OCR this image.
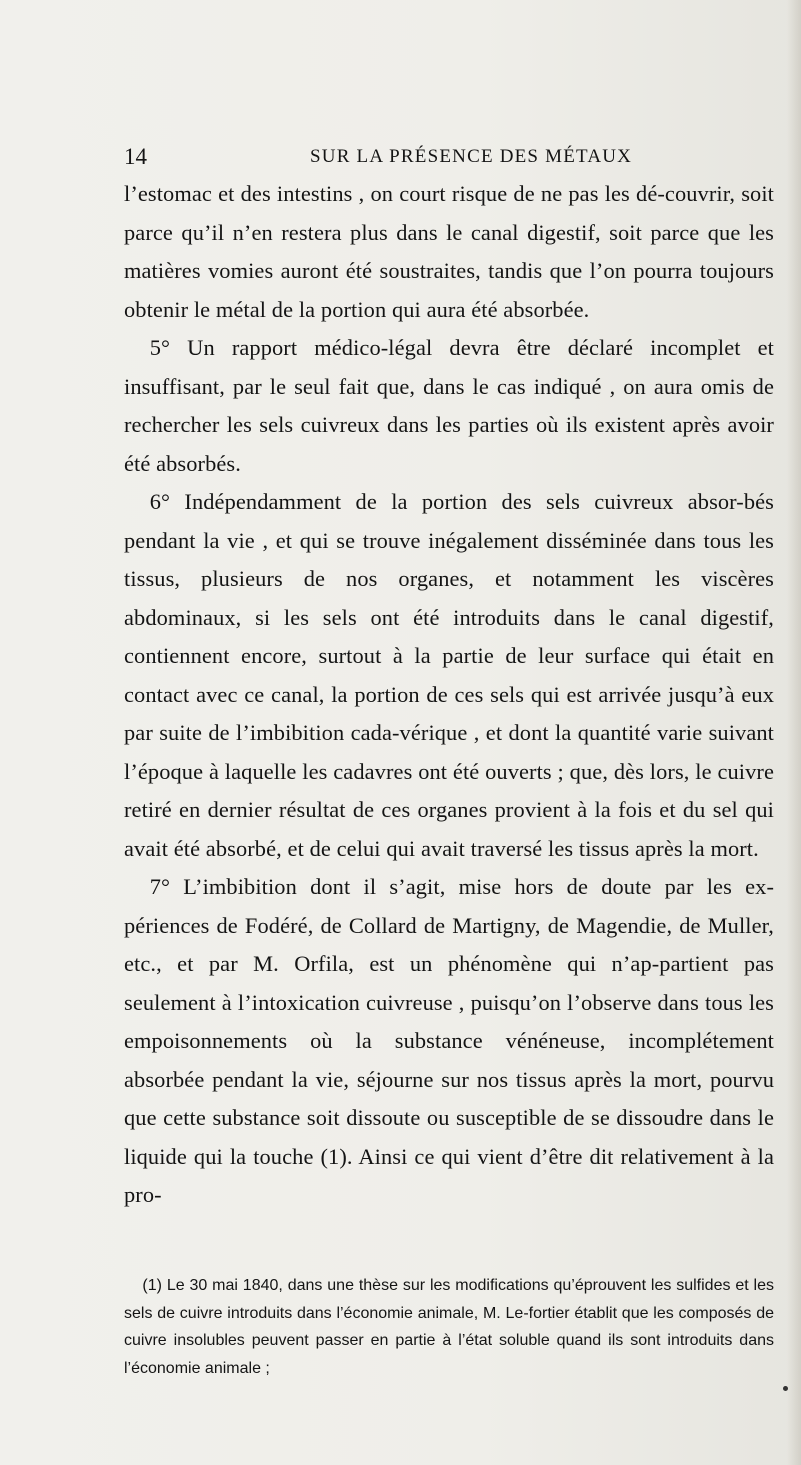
14	SUR LA PRÉSENCE DES MÉTAUX

l’estomac et des intestins , on court risque de ne pas les dé-couvrir, soit parce qu’il n’en restera plus dans le canal digestif, soit parce que les matières vomies auront été soustraites, tandis que l’on pourra toujours obtenir le métal de la portion qui aura été absorbée.

5° Un rapport médico-légal devra être déclaré incomplet et insuffisant, par le seul fait que, dans le cas indiqué , on aura omis de rechercher les sels cuivreux dans les parties où ils existent après avoir été absorbés.

6° Indépendamment de la portion des sels cuivreux absor-bés pendant la vie , et qui se trouve inégalement disséminée dans tous les tissus, plusieurs de nos organes, et notamment les viscères abdominaux, si les sels ont été introduits dans le canal digestif, contiennent encore, surtout à la partie de leur surface qui était en contact avec ce canal, la portion de ces sels qui est arrivée jusqu’à eux par suite de l’imbibition cada-vérique , et dont la quantité varie suivant l’époque à laquelle les cadavres ont été ouverts ; que, dès lors, le cuivre retiré en dernier résultat de ces organes provient à la fois et du sel qui avait été absorbé, et de celui qui avait traversé les tissus après la mort.

7° L’imbibition dont il s’agit, mise hors de doute par les ex-périences de Fodéré, de Collard de Martigny, de Magendie, de Muller, etc., et par M. Orfila, est un phénomène qui n’ap-partient pas seulement à l’intoxication cuivreuse , puisqu’on l’observe dans tous les empoisonnements où la substance vénéneuse, incomplétement absorbée pendant la vie, séjourne sur nos tissus après la mort, pourvu que cette substance soit dissoute ou susceptible de se dissoudre dans le liquide qui la touche (1). Ainsi ce qui vient d’être dit relativement à la pro-

(1) Le 30 mai 1840, dans une thèse sur les modifications qu’éprouvent les sulfides et les sels de cuivre introduits dans l’économie animale, M. Le-fortier établit que les composés de cuivre insolubles peuvent passer en partie à l’état soluble quand ils sont introduits dans l’économie animale ;
